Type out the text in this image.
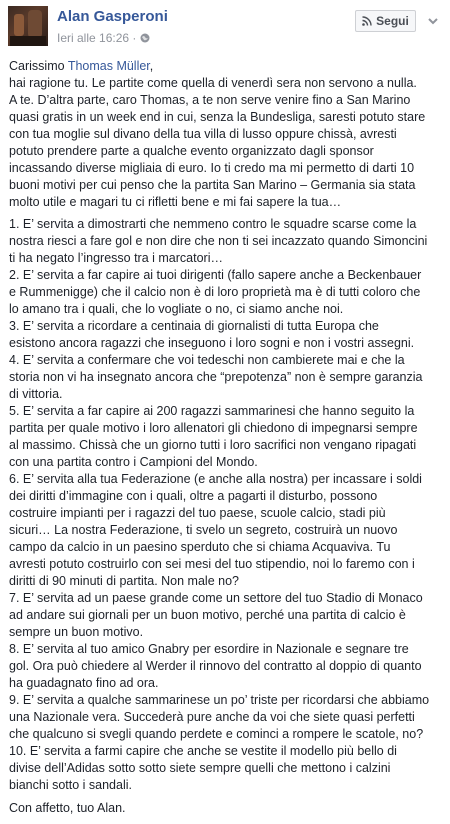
Alan Gasperoni
Ieri alle 16:26 ·
Segui

Carissimo Thomas Müller,
hai ragione tu. Le partite come quella di venerdì sera non servono a nulla.
A te. D’altra parte, caro Thomas, a te non serve venire fino a San Marino
quasi gratis in un week end in cui, senza la Bundesliga, saresti potuto stare
con tua moglie sul divano della tua villa di lusso oppure chissà, avresti
potuto prendere parte a qualche evento organizzato dagli sponsor
incassando diverse migliaia di euro. Io ti credo ma mi permetto di darti 10
buoni motivi per cui penso che la partita San Marino – Germania sia stata
molto utile e magari tu ci rifletti bene e mi fai sapere la tua…

1. E’ servita a dimostrarti che nemmeno contro le squadre scarse come la
nostra riesci a fare gol e non dire che non ti sei incazzato quando Simoncini
ti ha negato l’ingresso tra i marcatori…

2. E’ servita a far capire ai tuoi dirigenti (fallo sapere anche a Beckenbauer
e Rummenigge) che il calcio non è di loro proprietà ma è di tutti coloro che
lo amano tra i quali, che lo vogliate o no, ci siamo anche noi.

3. E’ servita a ricordare a centinaia di giornalisti di tutta Europa che
esistono ancora ragazzi che inseguono i loro sogni e non i vostri assegni.

4. E’ servita a confermare che voi tedeschi non cambierete mai e che la
storia non vi ha insegnato ancora che “prepotenza” non è sempre garanzia
di vittoria.

5. E’ servita a far capire ai 200 ragazzi sammarinesi che hanno seguito la
partita per quale motivo i loro allenatori gli chiedono di impegnarsi sempre
al massimo. Chissà che un giorno tutti i loro sacrifici non vengano ripagati
con una partita contro i Campioni del Mondo.

6. E’ servita alla tua Federazione (e anche alla nostra) per incassare i soldi
dei diritti d’immagine con i quali, oltre a pagarti il disturbo, possono
costruire impianti per i ragazzi del tuo paese, scuole calcio, stadi più
sicuri… La nostra Federazione, ti svelo un segreto, costruirà un nuovo
campo da calcio in un paesino sperduto che si chiama Acquaviva. Tu
avresti potuto costruirlo con sei mesi del tuo stipendio, noi lo faremo con i
diritti di 90 minuti di partita. Non male no?

7. E’ servita ad un paese grande come un settore del tuo Stadio di Monaco
ad andare sui giornali per un buon motivo, perché una partita di calcio è
sempre un buon motivo.

8. E’ servita al tuo amico Gnabry per esordire in Nazionale e segnare tre
gol. Ora può chiedere al Werder il rinnovo del contratto al doppio di quanto
ha guadagnato fino ad ora.

9. E’ servita a qualche sammarinese un po’ triste per ricordarsi che abbiamo
una Nazionale vera. Succederà pure anche da voi che siete quasi perfetti
che qualcuno si svegli quando perdete e cominci a rompere le scatole, no?

10. E’ servita a farmi capire che anche se vestite il modello più bello di
divise dell’Adidas sotto sotto siete sempre quelli che mettono i calzini
bianchi sotto i sandali.

Con affetto, tuo Alan.
